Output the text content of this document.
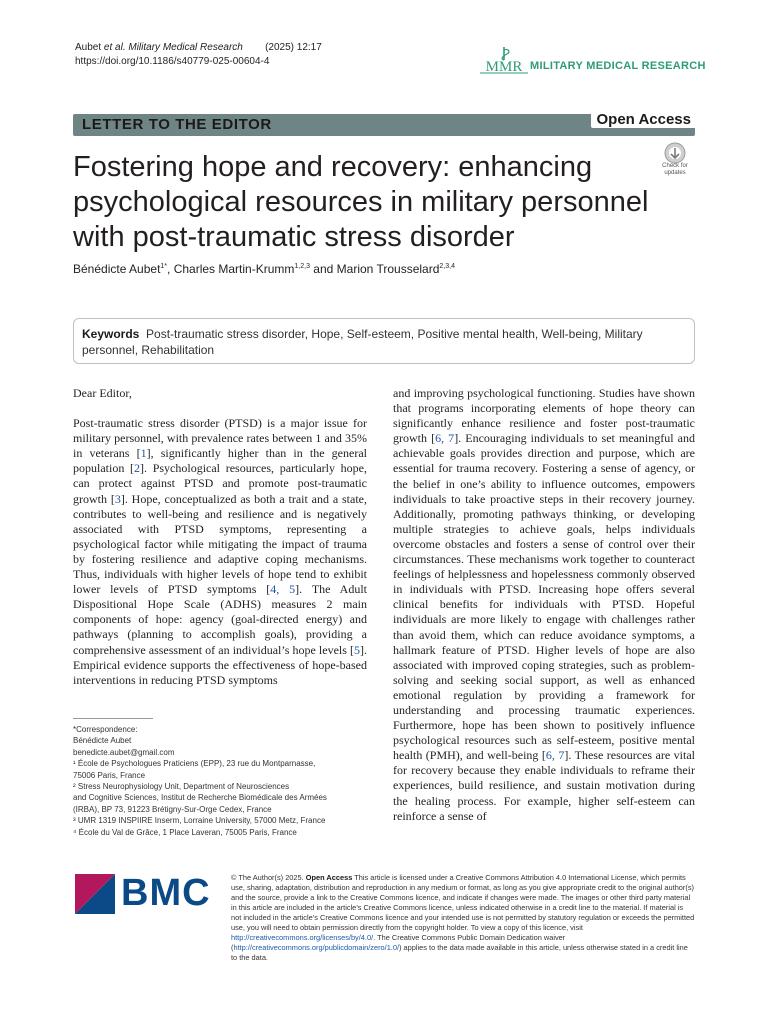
Aubet et al. Military Medical Research (2025) 12:17
https://doi.org/10.1186/s40779-025-00604-4	MMR MILITARY MEDICAL RESEARCH
LETTER TO THE EDITOR	Open Access
Fostering hope and recovery: enhancing psychological resources in military personnel with post-traumatic stress disorder
Check for updates
Bénédicte Aubet$^{1*}$, Charles Martin-Krumm$^{1,2,3}$ and Marion Trousselard$^{2,3,4}$
Keywords Post-traumatic stress disorder, Hope, Self-esteem, Positive mental health, Well-being, Military personnel, Rehabilitation

Dear Editor,

Post-traumatic stress disorder (PTSD) is a major issue for military personnel, with prevalence rates between 1 and 35% in veterans [1], significantly higher than in the general population [2]. Psychological resources, particularly hope, can protect against PTSD and promote post-traumatic growth [3]. Hope, conceptualized as both a trait and a state, contributes to well-being and resilience and is negatively associated with PTSD symptoms, representing a psychological factor while mitigating the impact of trauma by fostering resilience and adaptive coping mechanisms. Thus, individuals with higher levels of hope tend to exhibit lower levels of PTSD symptoms [4, 5]. The Adult Dispositional Hope Scale (ADHS) measures 2 main components of hope: agency (goal-directed energy) and pathways (planning to accomplish goals), providing a comprehensive assessment of an individual’s hope levels [5]. Empirical evidence supports the effectiveness of hope-based interventions in reducing PTSD symptoms

and improving psychological functioning. Studies have shown that programs incorporating elements of hope theory can significantly enhance resilience and foster post-traumatic growth [6, 7]. Encouraging individuals to set meaningful and achievable goals provides direction and purpose, which are essential for trauma recovery. Fostering a sense of agency, or the belief in one’s ability to influence outcomes, empowers individuals to take proactive steps in their recovery journey. Additionally, promoting pathways thinking, or developing multiple strategies to achieve goals, helps individuals overcome obstacles and fosters a sense of control over their circumstances. These mechanisms work together to counteract feelings of helplessness and hopelessness commonly observed in individuals with PTSD. Increasing hope offers several clinical benefits for individuals with PTSD. Hopeful individuals are more likely to engage with challenges rather than avoid them, which can reduce avoidance symptoms, a hallmark feature of PTSD. Higher levels of hope are also associated with improved coping strategies, such as problem-solving and seeking social support, as well as enhanced emotional regulation by providing a framework for understanding and processing traumatic experiences. Furthermore, hope has been shown to positively influence psychological resources such as self-esteem, positive mental health (PMH), and well-being [6, 7]. These resources are vital for recovery because they enable individuals to reframe their experiences, build resilience, and sustain motivation during the healing process. For example, higher self-esteem can reinforce a sense of

*Correspondence:
Bénédicte Aubet
benedicte.aubet@gmail.com
¹ École de Psychologues Praticiens (EPP), 23 rue du Montparnasse,
75006 Paris, France
² Stress Neurophysiology Unit, Department of Neurosciences
and Cognitive Sciences, Institut de Recherche Biomédicale des Armées
(IRBA), BP 73, 91223 Brétigny-Sur-Orge Cedex, France
³ UMR 1319 INSPIIRE Inserm, Lorraine University, 57000 Metz, France
⁴ École du Val de Grâce, 1 Place Laveran, 75005 Paris, France
BMC	© The Author(s) 2025. Open Access This article is licensed under a Creative Commons Attribution 4.0 International License, which permits use, sharing, adaptation, distribution and reproduction in any medium or format, as long as you give appropriate credit to the original author(s) and the source, provide a link to the Creative Commons licence, and indicate if changes were made. The images or other third party material in this article are included in the article’s Creative Commons licence, unless indicated otherwise in a credit line to the material. If material is not included in the article’s Creative Commons licence and your intended use is not permitted by statutory regulation or exceeds the permitted use, you will need to obtain permission directly from the copyright holder. To view a copy of this licence, visit http://creativecommons.org/licenses/by/4.0/. The Creative Commons Public Domain Dedication waiver (http://creativecommons.org/publicdomain/zero/1.0/) applies to the data made available in this article, unless otherwise stated in a credit line to the data.
